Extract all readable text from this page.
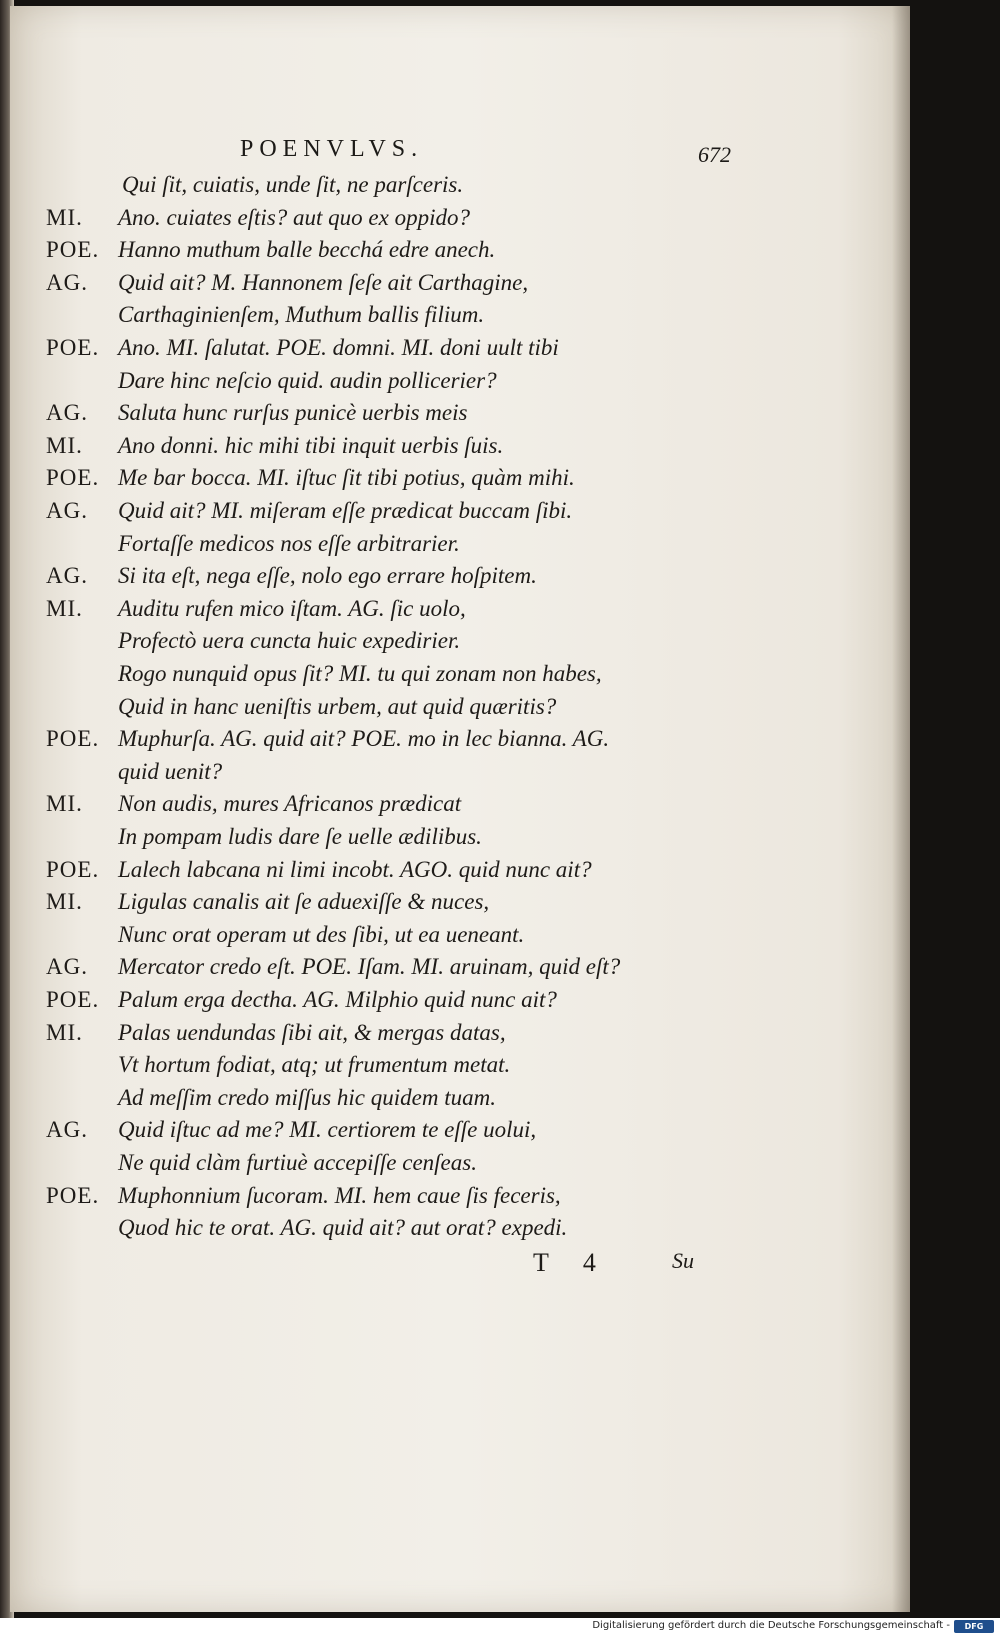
POENVLVS.	672
Qui ſit, cuiatis, unde ſit, ne parſceris.
MI. Ano. cuiates eſtis? aut quo ex oppido?
POE. Hanno muthum balle becchá edre anech.
AG. Quid ait? M. Hannonem ſeſe ait Carthagine,
Carthaginienſem, Muthum ballis filium.
POE. Ano. MI. ſalutat. POE. domni. MI. doni uult tibi
Dare hinc neſcio quid. audin pollicerier?
AG. Saluta hunc rurſus punicè uerbis meis
MI. Ano donni. hic mihi tibi inquit uerbis ſuis.
POE. Me bar bocca. MI. iſtuc ſit tibi potius, quàm mihi.
AG. Quid ait? MI. miſeram eſſe prædicat buccam ſibi.
Fortaſſe medicos nos eſſe arbitrarier.
AG. Si ita eſt, nega eſſe, nolo ego errare hoſpitem.
MI. Auditu rufen mico iſtam. AG. ſic uolo,
Profectò uera cuncta huic expedirier.
Rogo nunquid opus ſit? MI. tu qui zonam non habes,
Quid in hanc ueniſtis urbem, aut quid quæritis?
POE. Muphurſa. AG. quid ait? POE. mo in lec bianna. AG.
quid uenit?
MI. Non audis, mures Africanos prædicat
In pompam ludis dare ſe uelle ædilibus.
POE. Lalech labcana ni limi incobt. AGO. quid nunc ait?
MI. Ligulas canalis ait ſe aduexiſſe & nuces,
Nunc orat operam ut des ſibi, ut ea ueneant.
AG. Mercator credo eſt. POE. Iſam. MI. aruinam, quid eſt?
POE. Palum erga dectha. AG. Milphio quid nunc ait?
MI. Palas uendundas ſibi ait, & mergas datas,
Vt hortum fodiat, atq; ut frumentum metat.
Ad meſſim credo miſſus hic quidem tuam.
AG. Quid iſtuc ad me? MI. certiorem te eſſe uolui,
Ne quid clàm furtiuè accepiſſe cenſeas.
POE. Muphonnium ſucoram. MI. hem caue ſis feceris,
Quod hic te orat. AG. quid ait? aut orat? expedi.
T 4	Su
Digitalisierung gefördert durch die Deutsche Forschungsgemeinschaft -	DFG
